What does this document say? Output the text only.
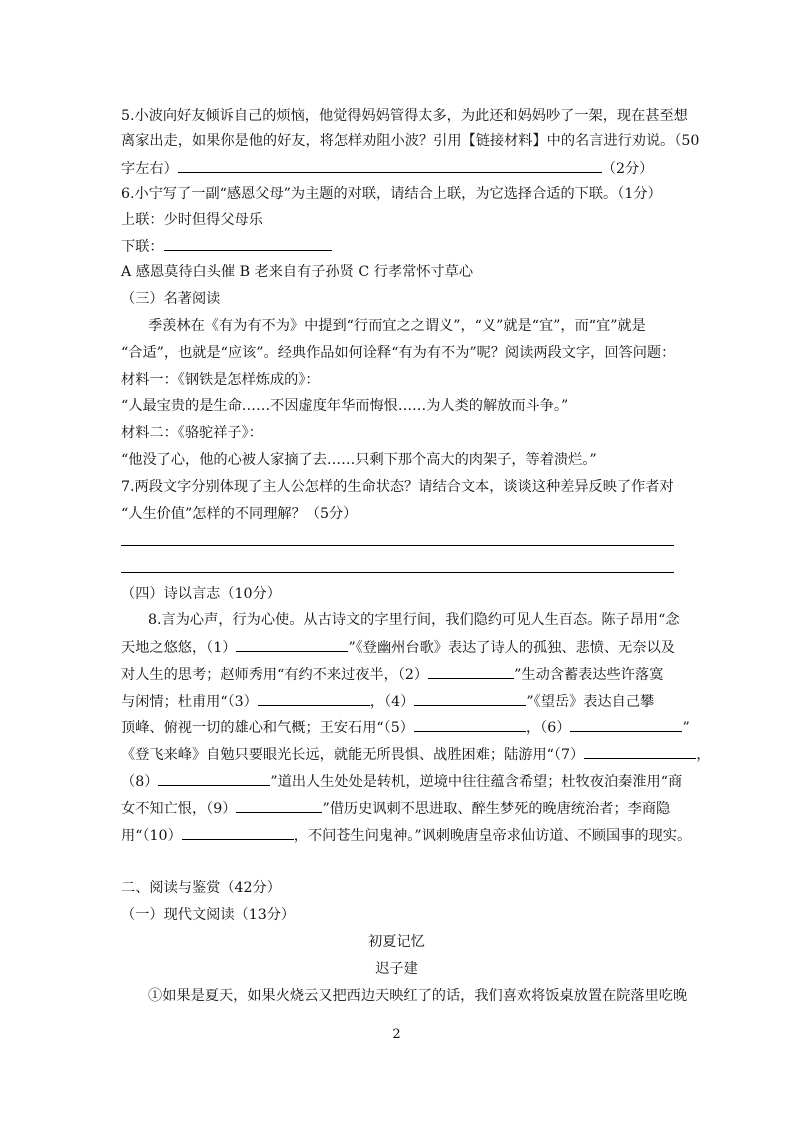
5.小波向好友倾诉自己的烦恼，他觉得妈妈管得太多，为此还和妈妈吵了一架，现在甚至想
离家出走，如果你是他的好友，将怎样劝阻小波？引用【链接材料】中的名言进行劝说。（50
字左右）	（2分）
6.小宁写了一副“感恩父母”为主题的对联，请结合上联，为它选择合适的下联。（1分）
上联：少时但得父母乐
下联：
A 感恩莫待白头催 B 老来自有子孙贤 C 行孝常怀寸草心
（三）名著阅读
季羡林在《有为有不为》中提到“行而宜之之谓义”，“义”就是“宜”，而“宜”就是
“合适”，也就是“应该”。经典作品如何诠释“有为有不为”呢？阅读两段文字，回答问题：
材料一：《钢铁是怎样炼成的》：
“人最宝贵的是生命……不因虚度年华而悔恨……为人类的解放而斗争。”
材料二：《骆驼祥子》：
“他没了心，他的心被人家摘了去……只剩下那个高大的肉架子，等着溃烂。”
7.两段文字分别体现了主人公怎样的生命状态？请结合文本，谈谈这种差异反映了作者对
“人生价值”怎样的不同理解？（5分）
（四）诗以言志（10分）
8.言为心声，行为心使。从古诗文的字里行间，我们隐约可见人生百态。陈子昂用“念
天地之悠悠，（1）	”《登幽州台歌》表达了诗人的孤独、悲愤、无奈以及
对人生的思考；赵师秀用“有约不来过夜半，（2）	”生动含蓄表达些许落寞
与闲情；杜甫用“（3）	，（4）	”《望岳》表达自己攀
顶峰、俯视一切的雄心和气概；王安石用“（5）	，（6）	”
《登飞来峰》自勉只要眼光长远，就能无所畏惧、战胜困难；陆游用“（7）	，
（8）	”道出人生处处是转机，逆境中往往蕴含希望；杜牧夜泊秦淮用“商
女不知亡恨，（9）	”借历史讽刺不思进取、醉生梦死的晚唐统治者；李商隐
用“（10）	，不问苍生问鬼神。”讽刺晚唐皇帝求仙访道、不顾国事的现实。
二、阅读与鉴赏（42分）
（一）现代文阅读（13分）
初夏记忆
迟子建
①如果是夏天，如果火烧云又把西边天映红了的话，我们喜欢将饭桌放置在院落里吃晚
2
